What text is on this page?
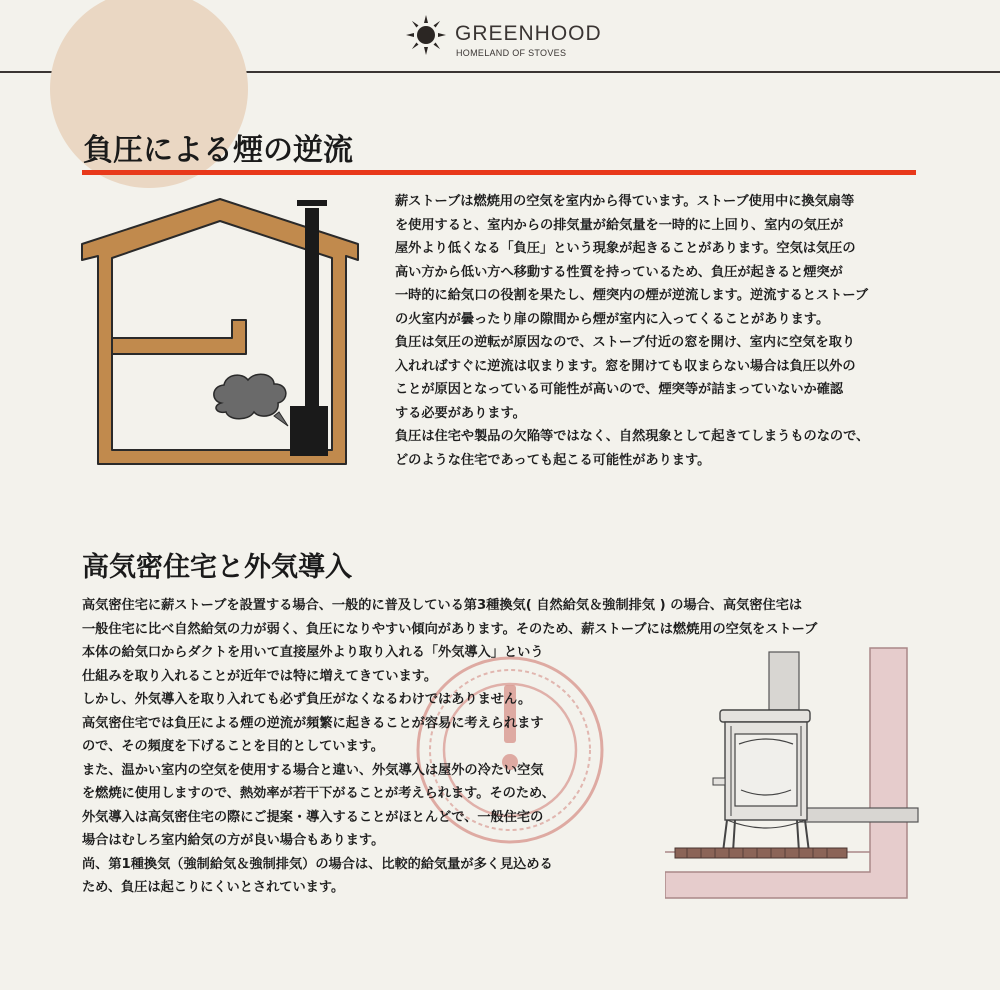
GREENHOOD
HOMELAND OF STOVES
負圧による煙の逆流

薪ストーブは燃焼用の空気を室内から得ています。ストーブ使用中に換気扇等

を使用すると、室内からの排気量が給気量を一時的に上回り、室内の気圧が

屋外より低くなる「負圧」という現象が起きることがあります。空気は気圧の

高い方から低い方へ移動する性質を持っているため、負圧が起きると煙突が

一時的に給気口の役割を果たし、煙突内の煙が逆流します。逆流するとストーブ

の火室内が曇ったり扉の隙間から煙が室内に入ってくることがあります。

負圧は気圧の逆転が原因なので、ストーブ付近の窓を開け、室内に空気を取り

入れればすぐに逆流は収まります。窓を開けても収まらない場合は負圧以外の

ことが原因となっている可能性が高いので、煙突等が詰まっていないか確認

する必要があります。

負圧は住宅や製品の欠陥等ではなく、自然現象として起きてしまうものなので、

どのような住宅であっても起こる可能性があります。

高気密住宅と外気導入

高気密住宅に薪ストーブを設置する場合、一般的に普及している第3種換気( 自然給気＆強制排気 ) の場合、高気密住宅は

一般住宅に比べ自然給気の力が弱く、負圧になりやすい傾向があります。そのため、薪ストーブには燃焼用の空気をストーブ

本体の給気口からダクトを用いて直接屋外より取り入れる「外気導入」という

仕組みを取り入れることが近年では特に増えてきています。

しかし、外気導入を取り入れても必ず負圧がなくなるわけではありません。

高気密住宅では負圧による煙の逆流が頻繁に起きることが容易に考えられます

ので、その頻度を下げることを目的としています。

また、温かい室内の空気を使用する場合と違い、外気導入は屋外の冷たい空気

を燃焼に使用しますので、熱効率が若干下がることが考えられます。そのため、

外気導入は高気密住宅の際にご提案・導入することがほとんどで、一般住宅の

場合はむしろ室内給気の方が良い場合もあります。

尚、第1種換気（強制給気＆強制排気）の場合は、比較的給気量が多く見込める

ため、負圧は起こりにくいとされています。
